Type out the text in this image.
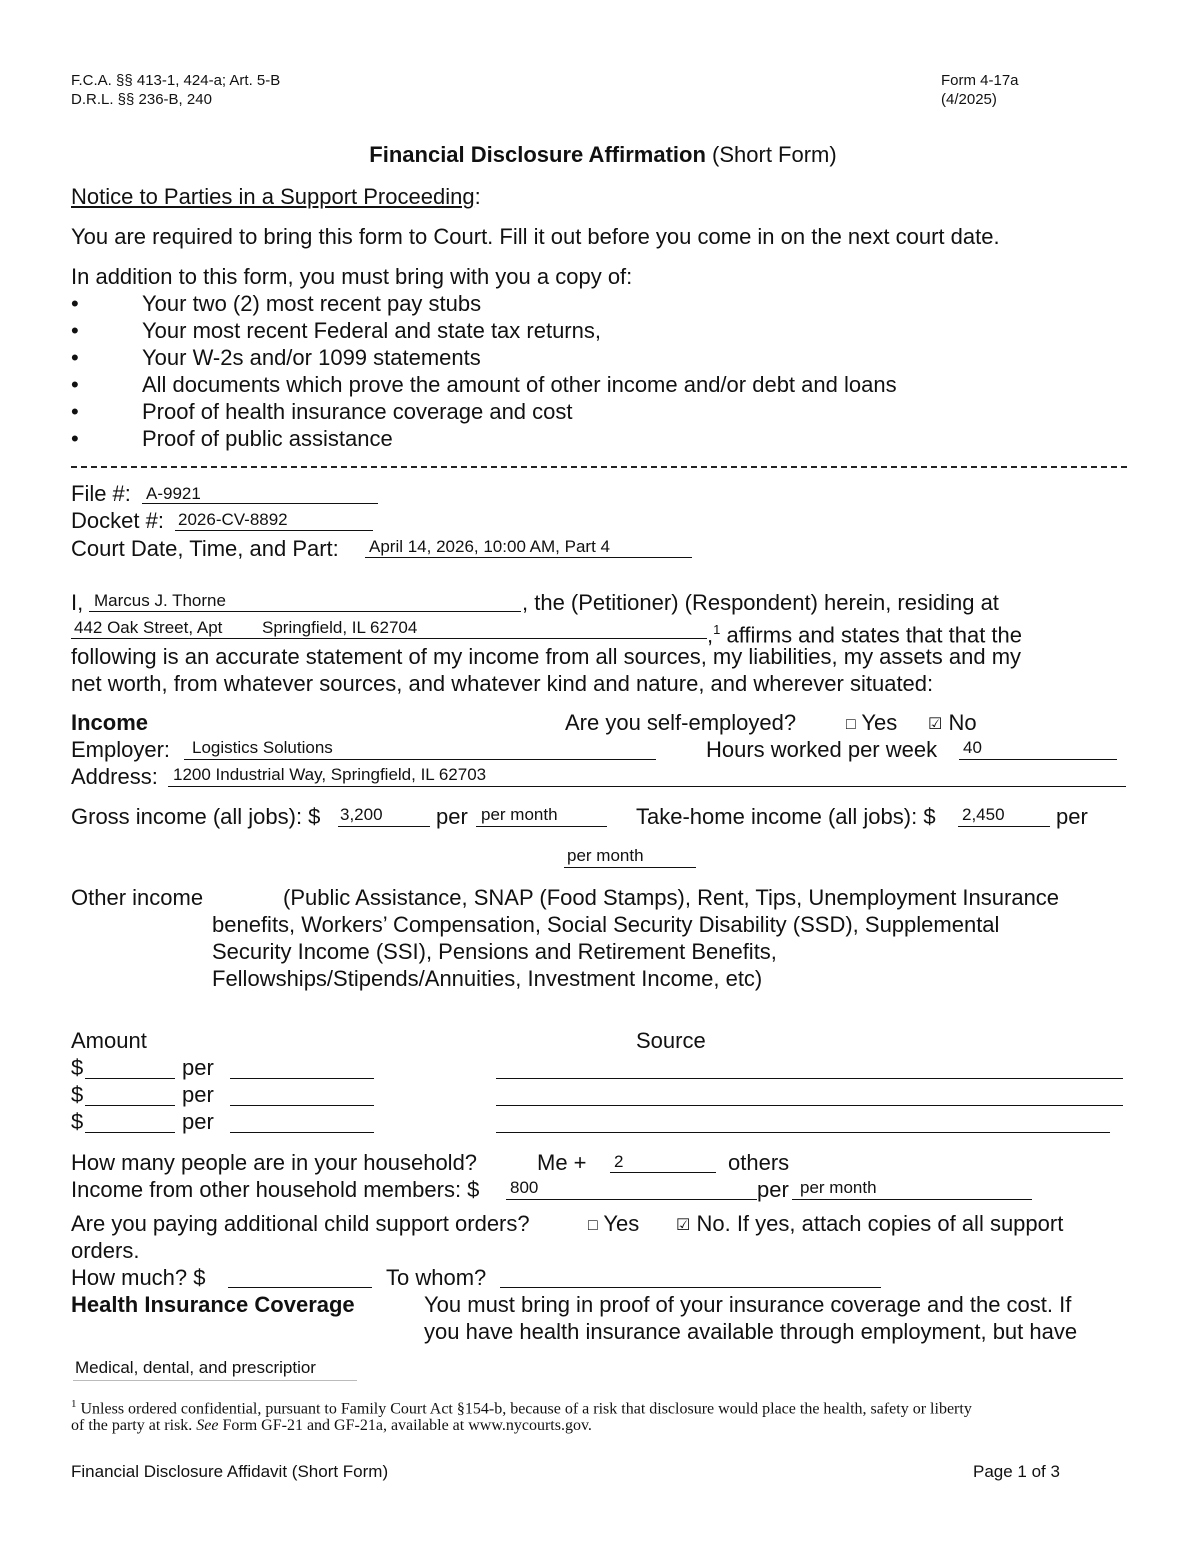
F.C.A. §§ 413-1, 424-a; Art. 5-B
D.R.L. §§ 236-B, 240
Form 4-17a
(4/2025)
Financial Disclosure Affirmation (Short Form)
Notice to Parties in a Support Proceeding:
You are required to bring this form to Court. Fill it out before you come in on the next court date.
In addition to this form, you must bring with you a copy of:
•	Your two (2) most recent pay stubs
•	Your most recent Federal and state tax returns,
•	Your W-2s and/or 1099 statements
•	All documents which prove the amount of other income and/or debt and loans
•	Proof of health insurance coverage and cost
•	Proof of public assistance
File #: A-9921
Docket #: 2026-CV-8892
Court Date, Time, and Part: April 14, 2026, 10:00 AM, Part 4
I, Marcus J. Thorne	, the (Petitioner) (Respondent) herein, residing at
442 Oak Street, Apt	Springfield, IL 62704	,$^1$ affirms and states that that the
following is an accurate statement of my income from all sources, my liabilities, my assets and my
net worth, from whatever sources, and whatever kind and nature, and wherever situated:
Income	Are you self-employed?	□ Yes ☑ No
Employer: Logistics Solutions	Hours worked per week 40
Address: 1200 Industrial Way, Springfield, IL 62703
Gross income (all jobs): $ 3,200	per per month	Take-home income (all jobs): $ 2,450	per
per month
Other income	(Public Assistance, SNAP (Food Stamps), Rent, Tips, Unemployment Insurance
benefits, Workers’ Compensation, Social Security Disability (SSD), Supplemental
Security Income (SSI), Pensions and Retirement Benefits,
Fellowships/Stipends/Annuities, Investment Income, etc)
Amount	Source
$	per
$	per
$	per
How many people are in your household?	Me + 2	others
Income from other household members: $ 800	per per month
Are you paying additional child support orders?	□ Yes ☑ No. If yes, attach copies of all support
orders.
How much? $	To whom?
Health Insurance Coverage	You must bring in proof of your insurance coverage and the cost. If
you have health insurance available through employment, but have
Medical, dental, and prescriptior
$^1$ Unless ordered confidential, pursuant to Family Court Act §154-b, because of a risk that disclosure would place the health, safety or liberty
of the party at risk. See Form GF-21 and GF-21a, available at www.nycourts.gov.
Financial Disclosure Affidavit (Short Form)	Page 1 of 3
